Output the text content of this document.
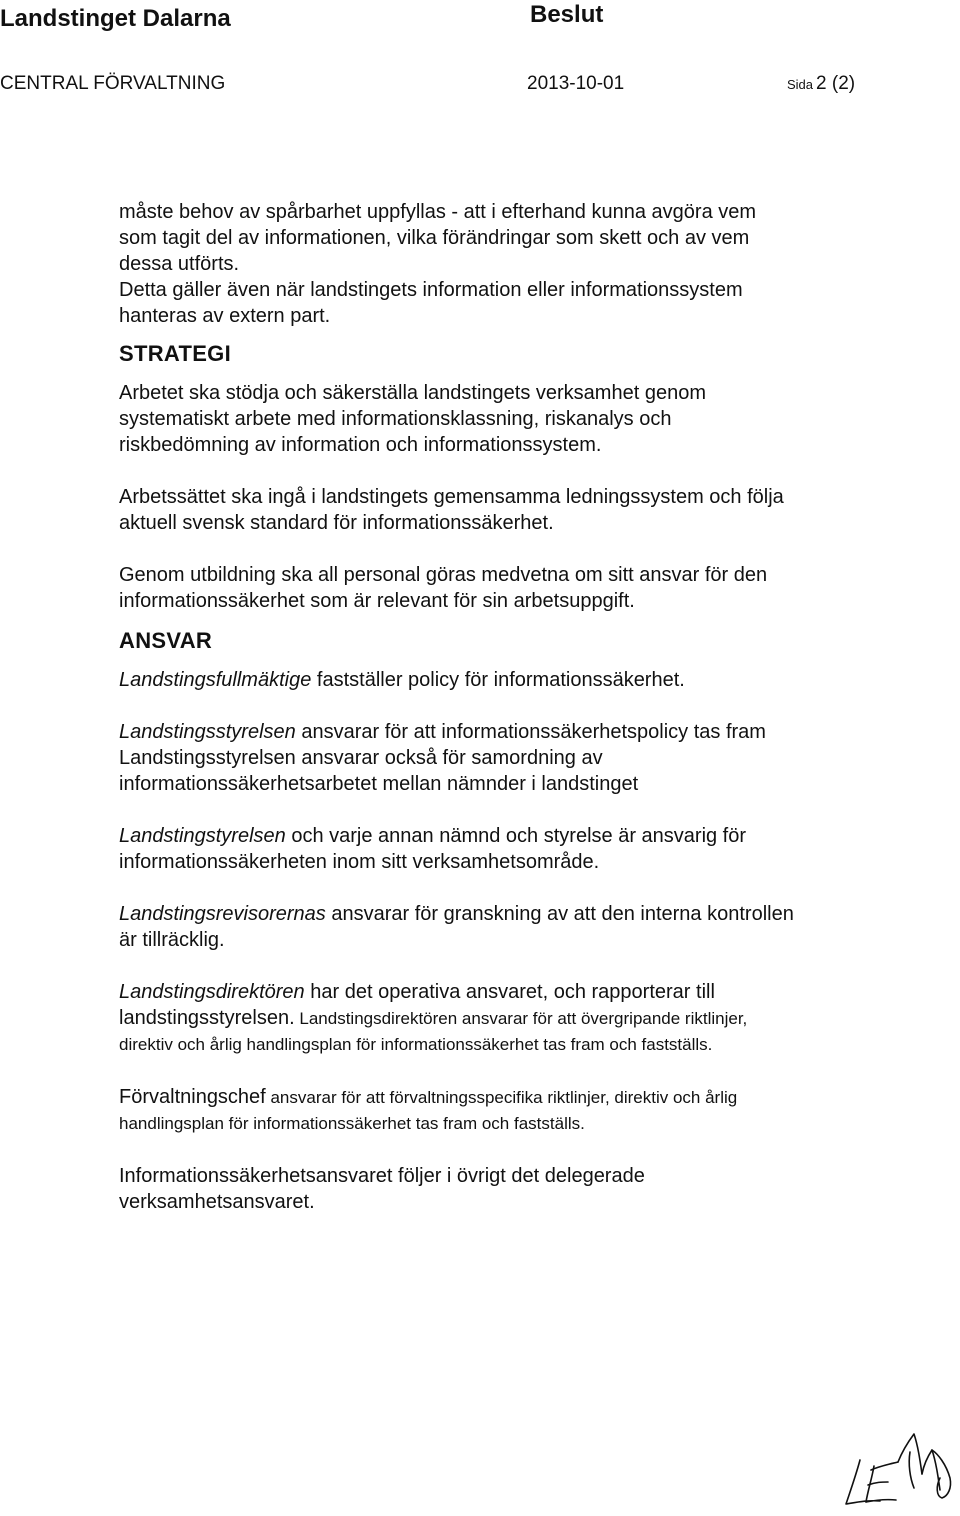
Landstinget Dalarna	Beslut
CENTRAL FÖRVALTNING	2013-10-01	Sida 2 (2)

måste behov av spårbarhet uppfyllas - att i efterhand kunna avgöra vem
som tagit del av informationen, vilka förändringar som skett och av vem
dessa utförts.
Detta gäller även när landstingets information eller informationssystem
hanteras av extern part.

STRATEGI

Arbetet ska stödja och säkerställa landstingets verksamhet genom
systematiskt arbete med informationsklassning, riskanalys och
riskbedömning av information och informationssystem.

Arbetssättet ska ingå i landstingets gemensamma ledningssystem och följa
aktuell svensk standard för informationssäkerhet.

Genom utbildning ska all personal göras medvetna om sitt ansvar för den
informationssäkerhet som är relevant för sin arbetsuppgift.

ANSVAR

Landstingsfullmäktige fastställer policy för informationssäkerhet.

Landstingsstyrelsen ansvarar för att informationssäkerhetspolicy tas fram
Landstingsstyrelsen ansvarar också för samordning av
informationssäkerhetsarbetet mellan nämnder i landstinget

Landstingstyrelsen och varje annan nämnd och styrelse är ansvarig för
informationssäkerheten inom sitt verksamhetsområde.

Landstingsrevisorernas ansvarar för granskning av att den interna kontrollen
är tillräcklig.

Landstingsdirektören har det operativa ansvaret, och rapporterar till
landstingsstyrelsen. Landstingsdirektören ansvarar för att övergripande riktlinjer,
direktiv och årlig handlingsplan för informationssäkerhet tas fram och fastställs.

Förvaltningschef ansvarar för att förvaltningsspecifika riktlinjer, direktiv och årlig
handlingsplan för informationssäkerhet tas fram och fastställs.

Informationssäkerhetsansvaret följer i övrigt det delegerade
verksamhetsansvaret.
